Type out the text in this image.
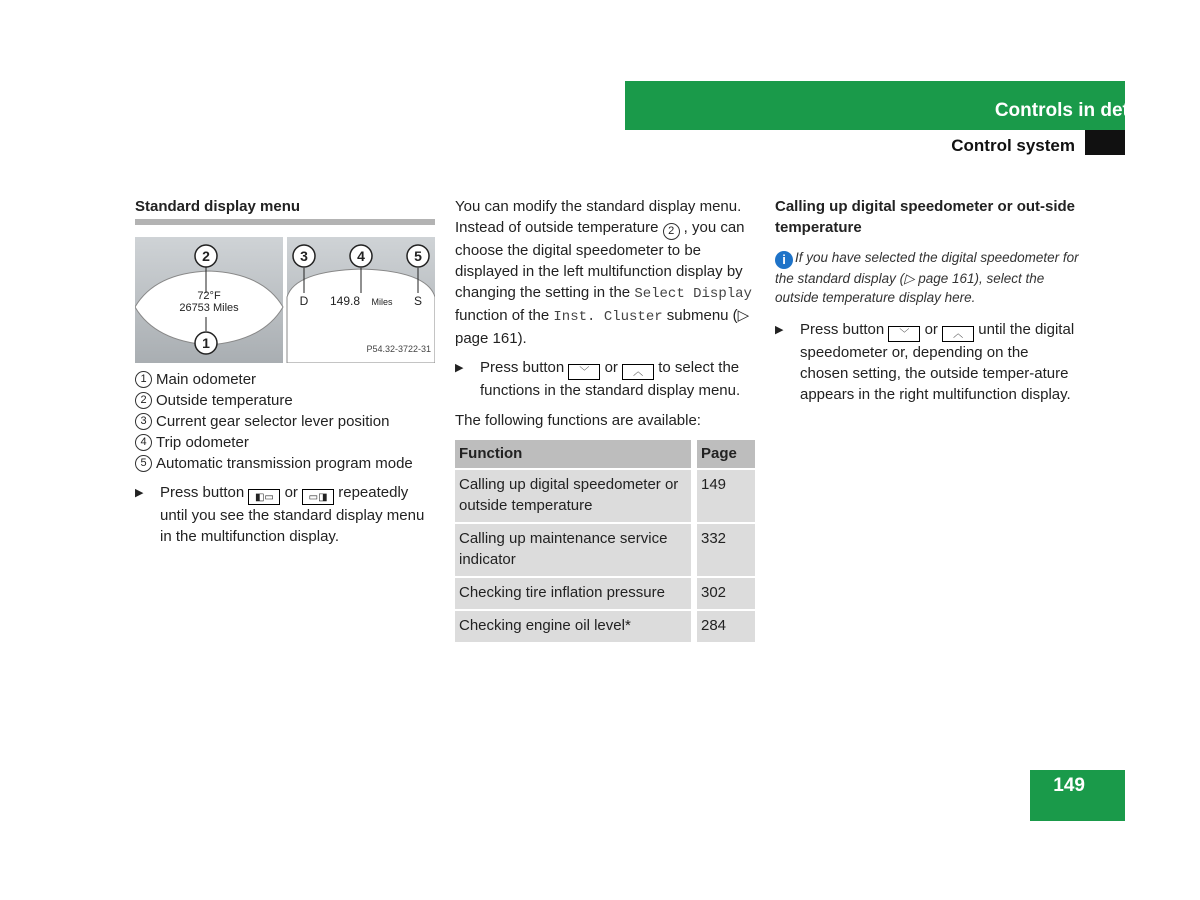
Controls in detail
Control system
Standard display menu
72°F
26753 Miles	D 149.8 Miles S
2
1
3	4	5
P54.32-3722-31
1 Main odometer
2 Outside temperature
3 Current gear selector lever position
4 Trip odometer
5 Automatic transmission program mode
▶	Press button ◧▭ or ▭◨ repeatedly until you see the standard display menu in the multifunction display.
You can modify the standard display menu. Instead of outside temperature 2 , you can choose the digital speedometer to be displayed in the left multifunction display by changing the setting in the Select Display function of the Inst. Cluster submenu (▷ page 161).
▶	Press button ﹀ or ︿ to select the functions in the standard display menu.
The following functions are available:
Function	Page
Calling up digital speedometer or outside temperature	149
Calling up maintenance service indicator	332
Checking tire inflation pressure	302
Checking engine oil level*	284
Calling up digital speedometer or out-side temperature
i If you have selected the digital speedometer for the standard display (▷ page 161), select the outside temperature display here.
▶	Press button ﹀ or ︿ until the digital speedometer or, depending on the chosen setting, the outside temper-ature appears in the right multifunction display.
149
